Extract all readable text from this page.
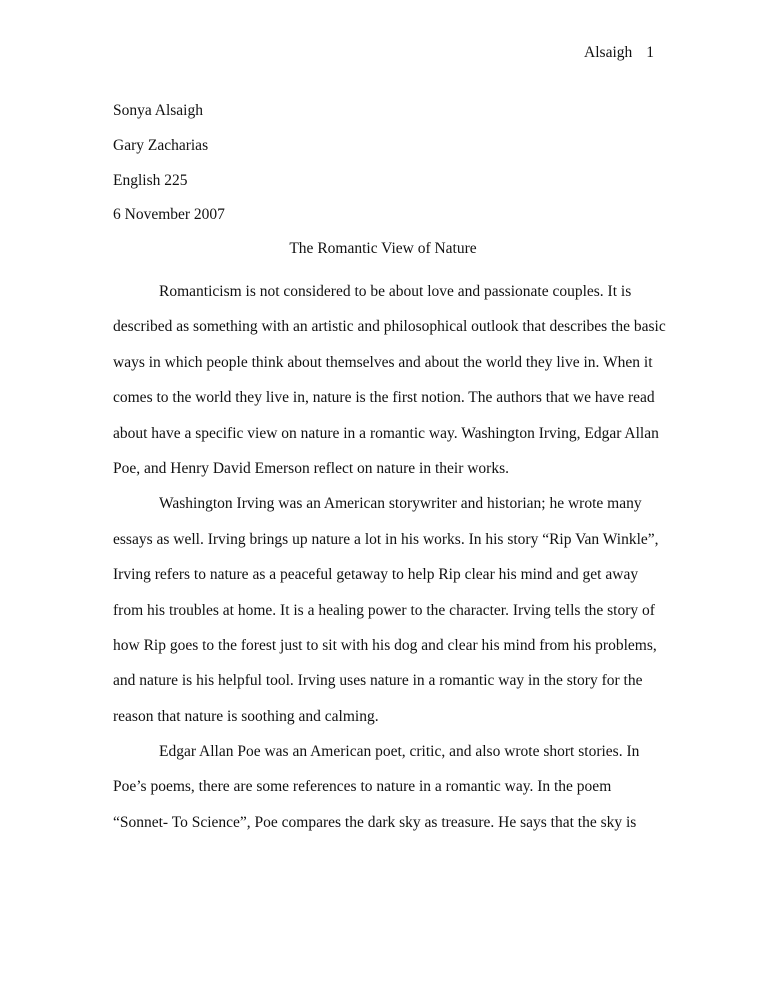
Alsaigh 1
Sonya Alsaigh
Gary Zacharias
English 225
6 November 2007
The Romantic View of Nature
Romanticism is not considered to be about love and passionate couples. It is
described as something with an artistic and philosophical outlook that describes the basic
ways in which people think about themselves and about the world they live in. When it
comes to the world they live in, nature is the first notion. The authors that we have read
about have a specific view on nature in a romantic way. Washington Irving, Edgar Allan
Poe, and Henry David Emerson reflect on nature in their works.
Washington Irving was an American storywriter and historian; he wrote many
essays as well. Irving brings up nature a lot in his works. In his story “Rip Van Winkle”,
Irving refers to nature as a peaceful getaway to help Rip clear his mind and get away
from his troubles at home. It is a healing power to the character. Irving tells the story of
how Rip goes to the forest just to sit with his dog and clear his mind from his problems,
and nature is his helpful tool. Irving uses nature in a romantic way in the story for the
reason that nature is soothing and calming.
Edgar Allan Poe was an American poet, critic, and also wrote short stories. In
Poe’s poems, there are some references to nature in a romantic way. In the poem
“Sonnet- To Science”, Poe compares the dark sky as treasure. He says that the sky is
